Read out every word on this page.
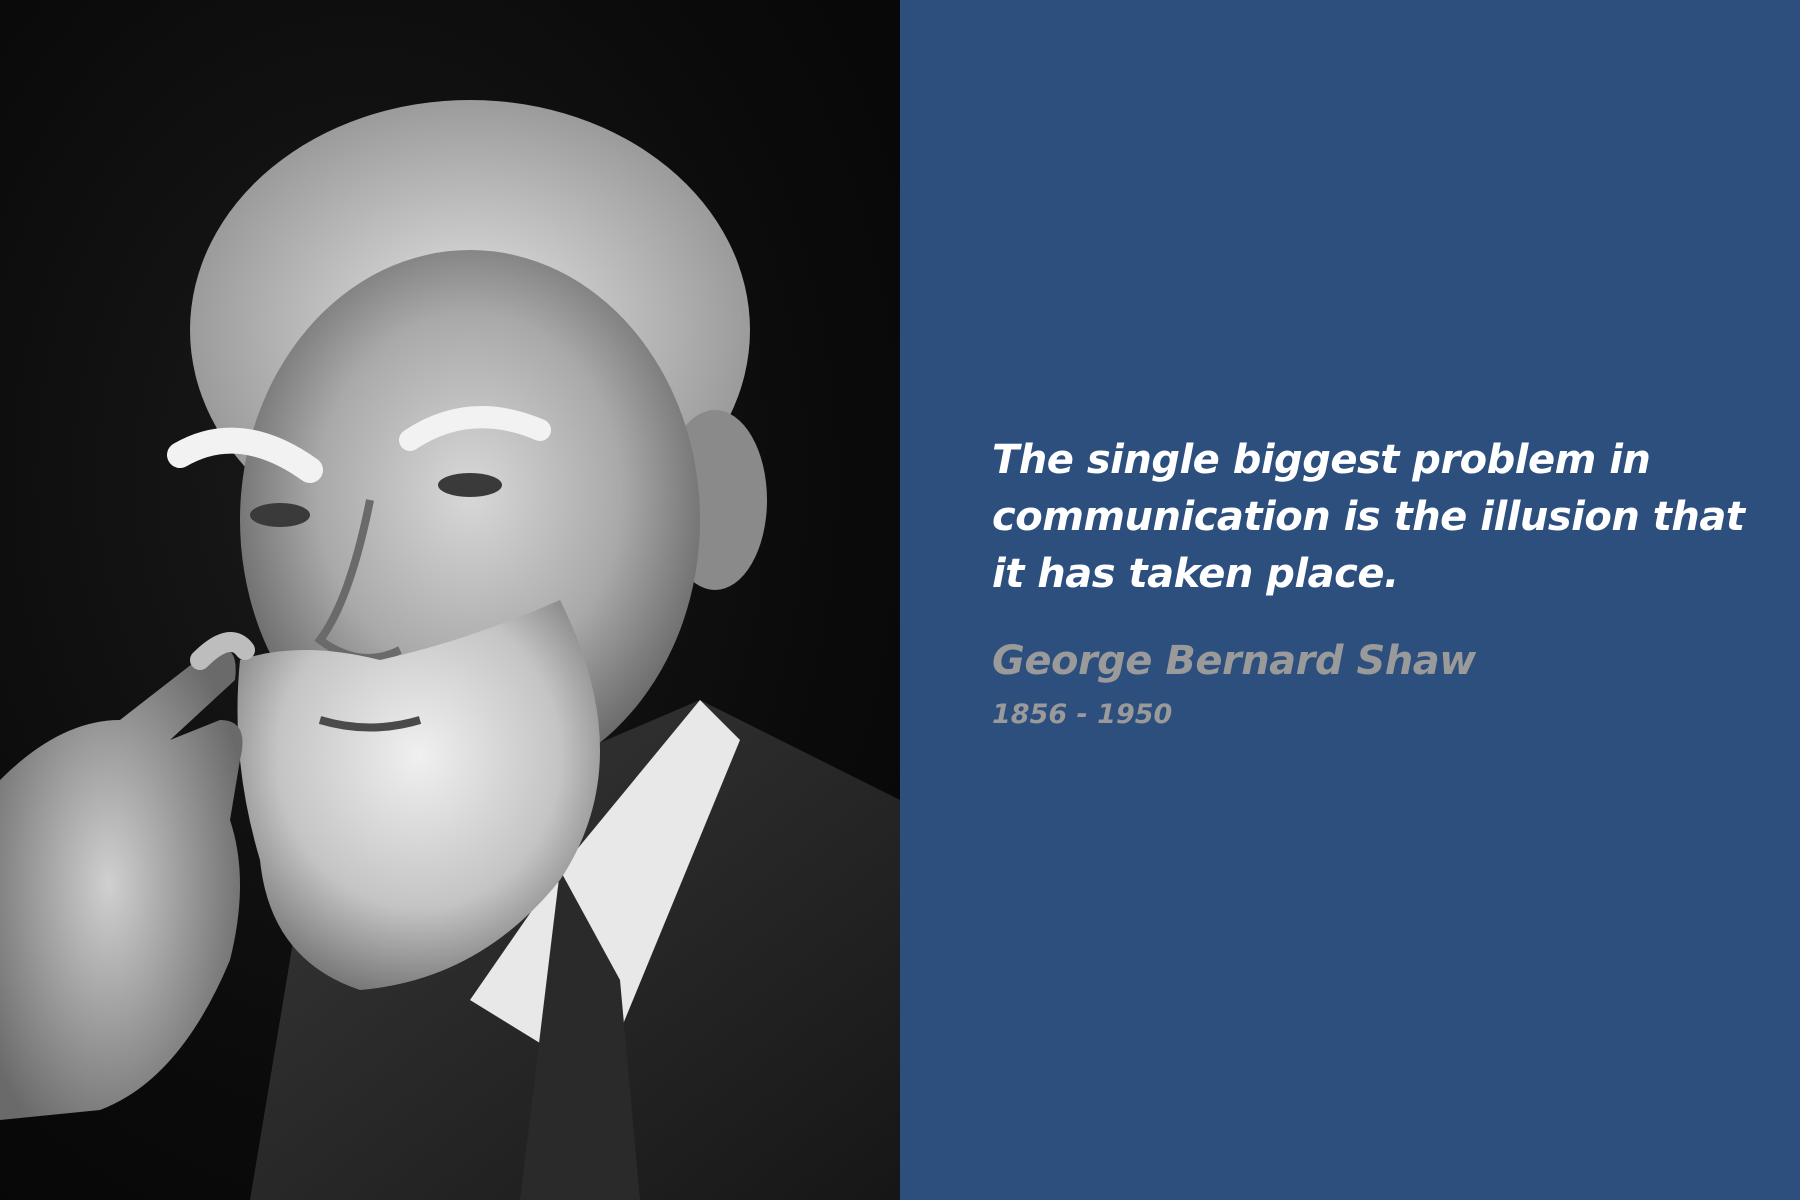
The single biggest problem in
communication is the illusion that
it has taken place.

George Bernard Shaw
1856 - 1950
